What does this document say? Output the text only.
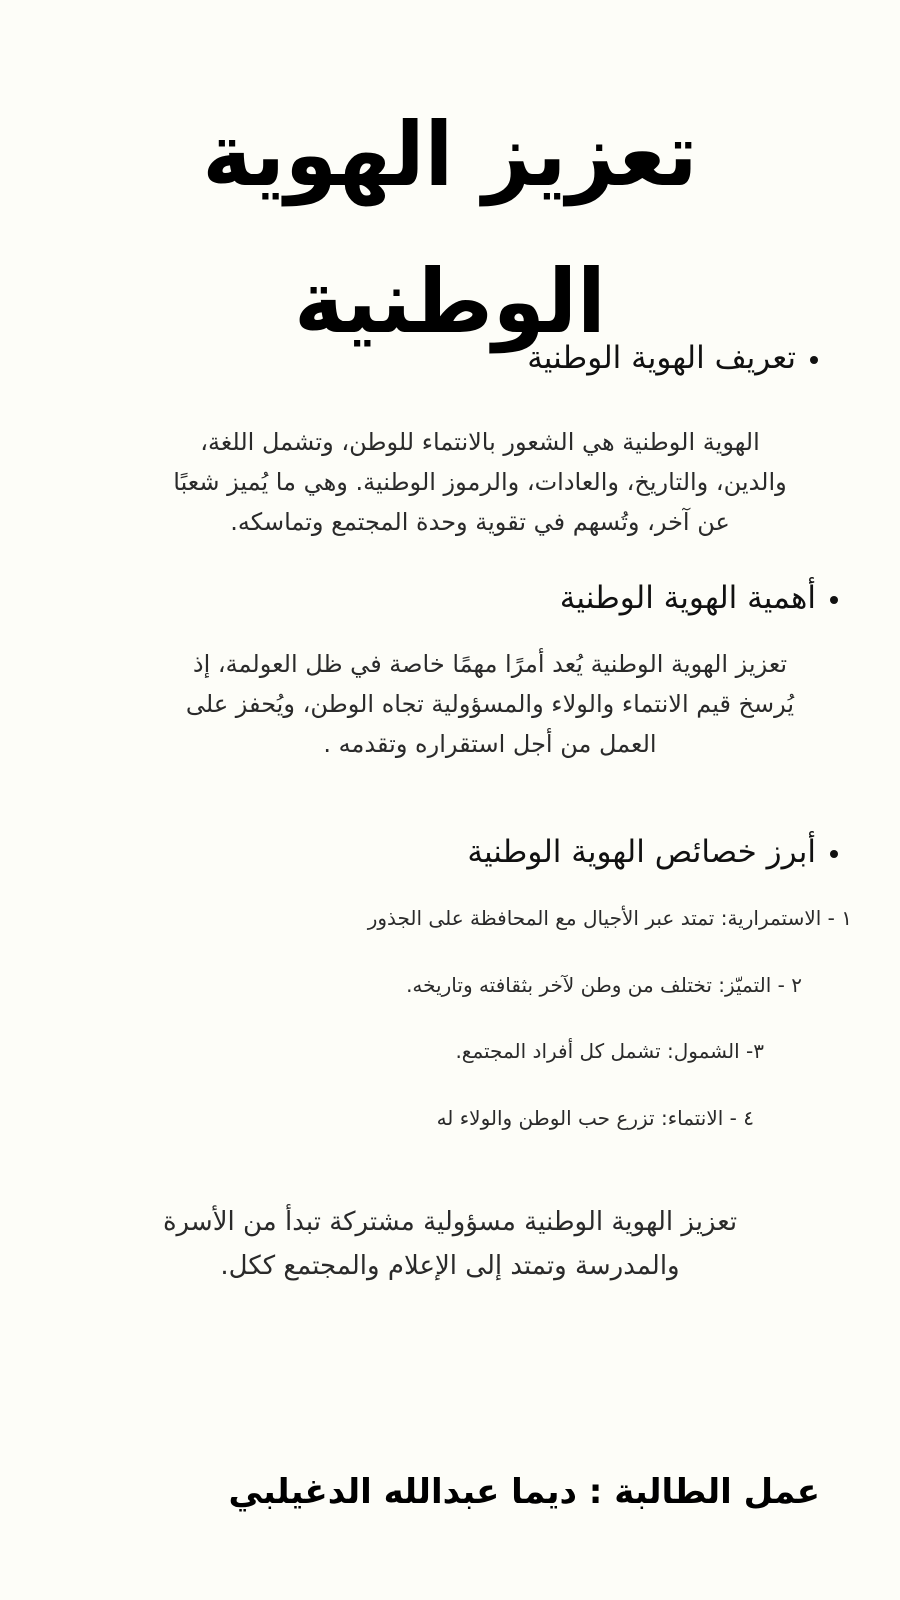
تعزيز الهوية الوطنية
تعريف الهوية الوطنية
الهوية الوطنية هي الشعور بالانتماء للوطن، وتشمل اللغة،
والدين، والتاريخ، والعادات، والرموز الوطنية. وهي ما يُميز شعبًا
عن آخر، وتُسهم في تقوية وحدة المجتمع وتماسكه.
أهمية الهوية الوطنية
تعزيز الهوية الوطنية يُعد أمرًا مهمًا خاصة في ظل العولمة، إذ
يُرسخ قيم الانتماء والولاء والمسؤولية تجاه الوطن، ويُحفز على
العمل من أجل استقراره وتقدمه .
أبرز خصائص الهوية الوطنية
١ - الاستمرارية: تمتد عبر الأجيال مع المحافظة على الجذور
٢ - التميّز: تختلف من وطن لآخر بثقافته وتاريخه.
٣- الشمول: تشمل كل أفراد المجتمع.
٤ - الانتماء: تزرع حب الوطن والولاء له
تعزيز الهوية الوطنية مسؤولية مشتركة تبدأ من الأسرة
والمدرسة وتمتد إلى الإعلام والمجتمع ككل.
عمل الطالبة : ديما عبدالله الدغيلبي
